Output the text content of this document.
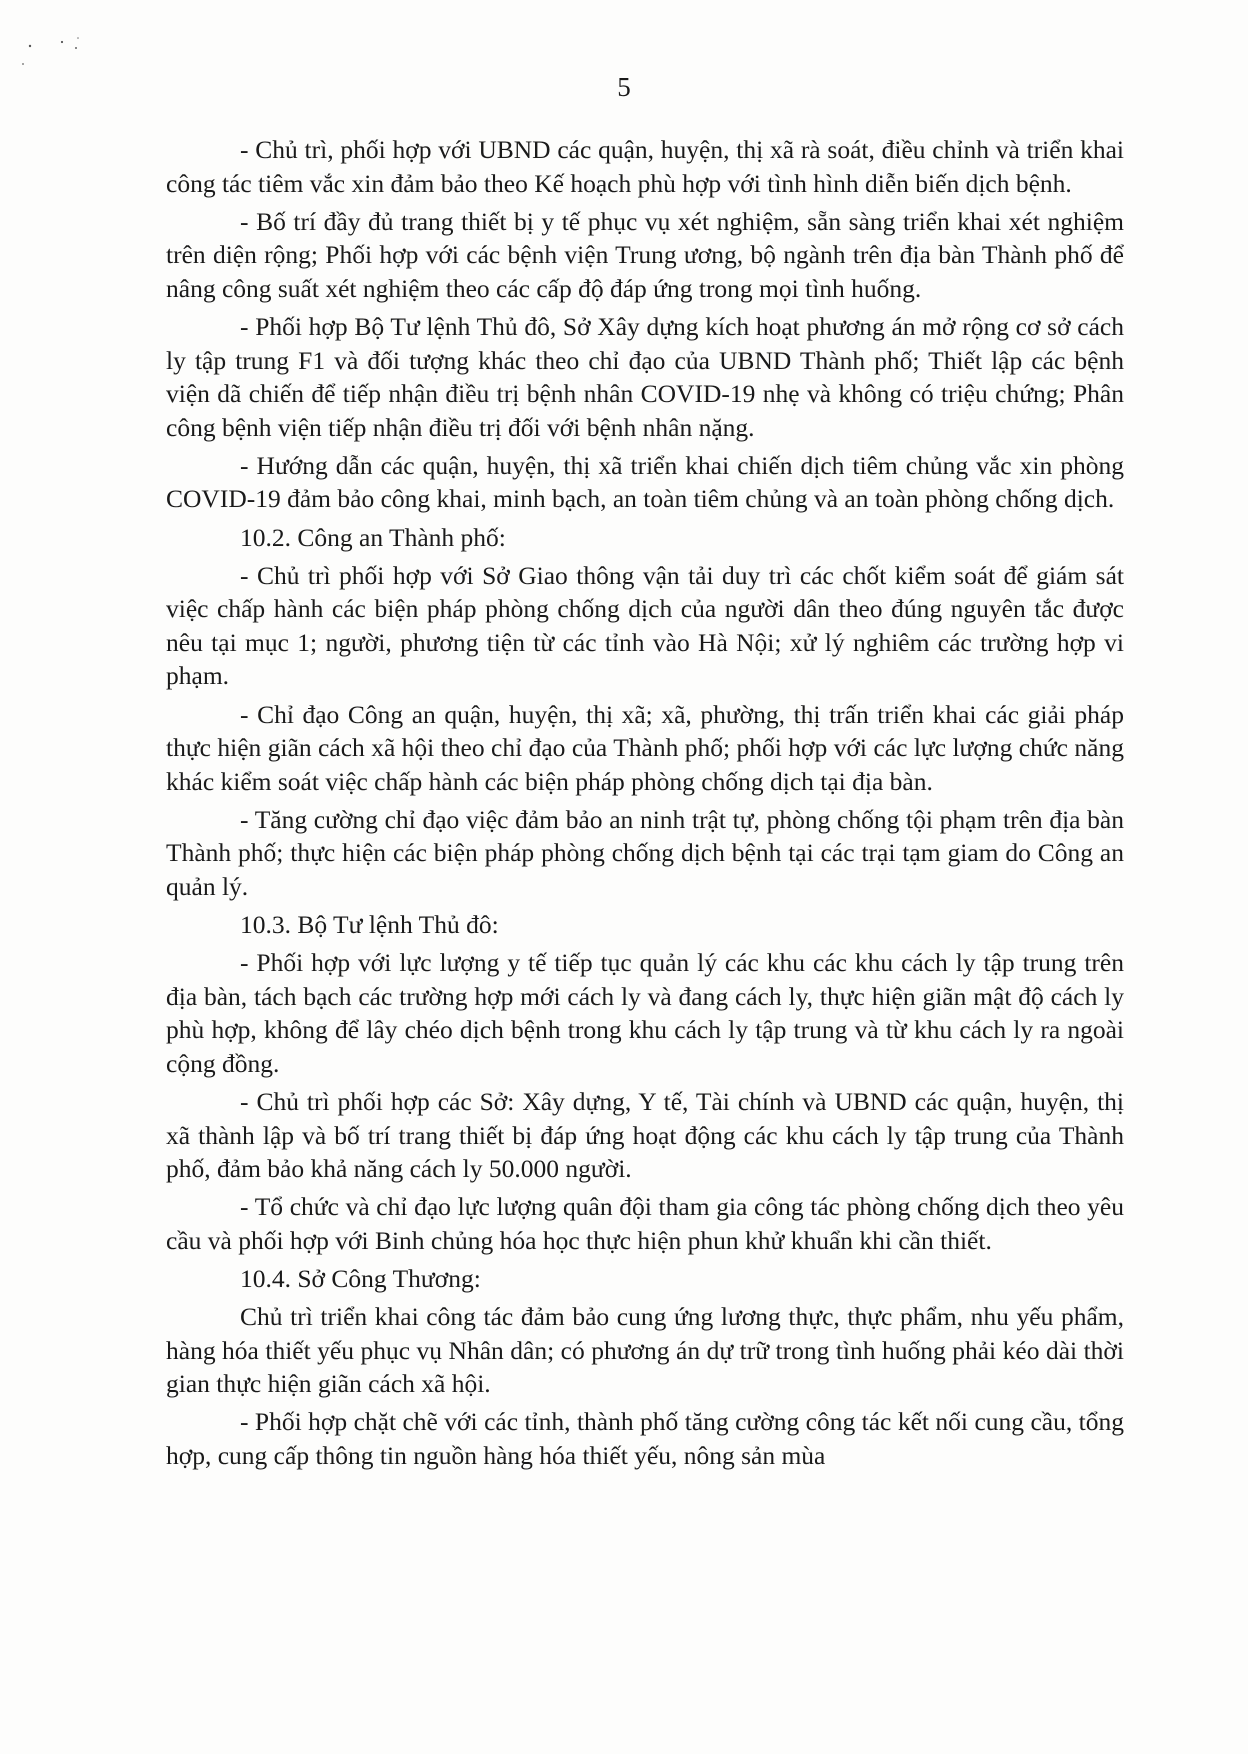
5

- Chủ trì, phối hợp với UBND các quận, huyện, thị xã rà soát, điều chỉnh và triển khai công tác tiêm vắc xin đảm bảo theo Kế hoạch phù hợp với tình hình diễn biến dịch bệnh.

- Bố trí đầy đủ trang thiết bị y tế phục vụ xét nghiệm, sẵn sàng triển khai xét nghiệm trên diện rộng; Phối hợp với các bệnh viện Trung ương, bộ ngành trên địa bàn Thành phố để nâng công suất xét nghiệm theo các cấp độ đáp ứng trong mọi tình huống.

- Phối hợp Bộ Tư lệnh Thủ đô, Sở Xây dựng kích hoạt phương án mở rộng cơ sở cách ly tập trung F1 và đối tượng khác theo chỉ đạo của UBND Thành phố; Thiết lập các bệnh viện dã chiến để tiếp nhận điều trị bệnh nhân COVID-19 nhẹ và không có triệu chứng; Phân công bệnh viện tiếp nhận điều trị đối với bệnh nhân nặng.

- Hướng dẫn các quận, huyện, thị xã triển khai chiến dịch tiêm chủng vắc xin phòng COVID-19 đảm bảo công khai, minh bạch, an toàn tiêm chủng và an toàn phòng chống dịch.

10.2. Công an Thành phố:

- Chủ trì phối hợp với Sở Giao thông vận tải duy trì các chốt kiểm soát để giám sát việc chấp hành các biện pháp phòng chống dịch của người dân theo đúng nguyên tắc được nêu tại mục 1; người, phương tiện từ các tỉnh vào Hà Nội; xử lý nghiêm các trường hợp vi phạm.

- Chỉ đạo Công an quận, huyện, thị xã; xã, phường, thị trấn triển khai các giải pháp thực hiện giãn cách xã hội theo chỉ đạo của Thành phố; phối hợp với các lực lượng chức năng khác kiểm soát việc chấp hành các biện pháp phòng chống dịch tại địa bàn.

- Tăng cường chỉ đạo việc đảm bảo an ninh trật tự, phòng chống tội phạm trên địa bàn Thành phố; thực hiện các biện pháp phòng chống dịch bệnh tại các trại tạm giam do Công an quản lý.

10.3. Bộ Tư lệnh Thủ đô:

- Phối hợp với lực lượng y tế tiếp tục quản lý các khu các khu cách ly tập trung trên địa bàn, tách bạch các trường hợp mới cách ly và đang cách ly, thực hiện giãn mật độ cách ly phù hợp, không để lây chéo dịch bệnh trong khu cách ly tập trung và từ khu cách ly ra ngoài cộng đồng.

- Chủ trì phối hợp các Sở: Xây dựng, Y tế, Tài chính và UBND các quận, huyện, thị xã thành lập và bố trí trang thiết bị đáp ứng hoạt động các khu cách ly tập trung của Thành phố, đảm bảo khả năng cách ly 50.000 người.

- Tổ chức và chỉ đạo lực lượng quân đội tham gia công tác phòng chống dịch theo yêu cầu và phối hợp với Binh chủng hóa học thực hiện phun khử khuẩn khi cần thiết.

10.4. Sở Công Thương:

Chủ trì triển khai công tác đảm bảo cung ứng lương thực, thực phẩm, nhu yếu phẩm, hàng hóa thiết yếu phục vụ Nhân dân; có phương án dự trữ trong tình huống phải kéo dài thời gian thực hiện giãn cách xã hội.

- Phối hợp chặt chẽ với các tỉnh, thành phố tăng cường công tác kết nối cung cầu, tổng hợp, cung cấp thông tin nguồn hàng hóa thiết yếu, nông sản mùa
